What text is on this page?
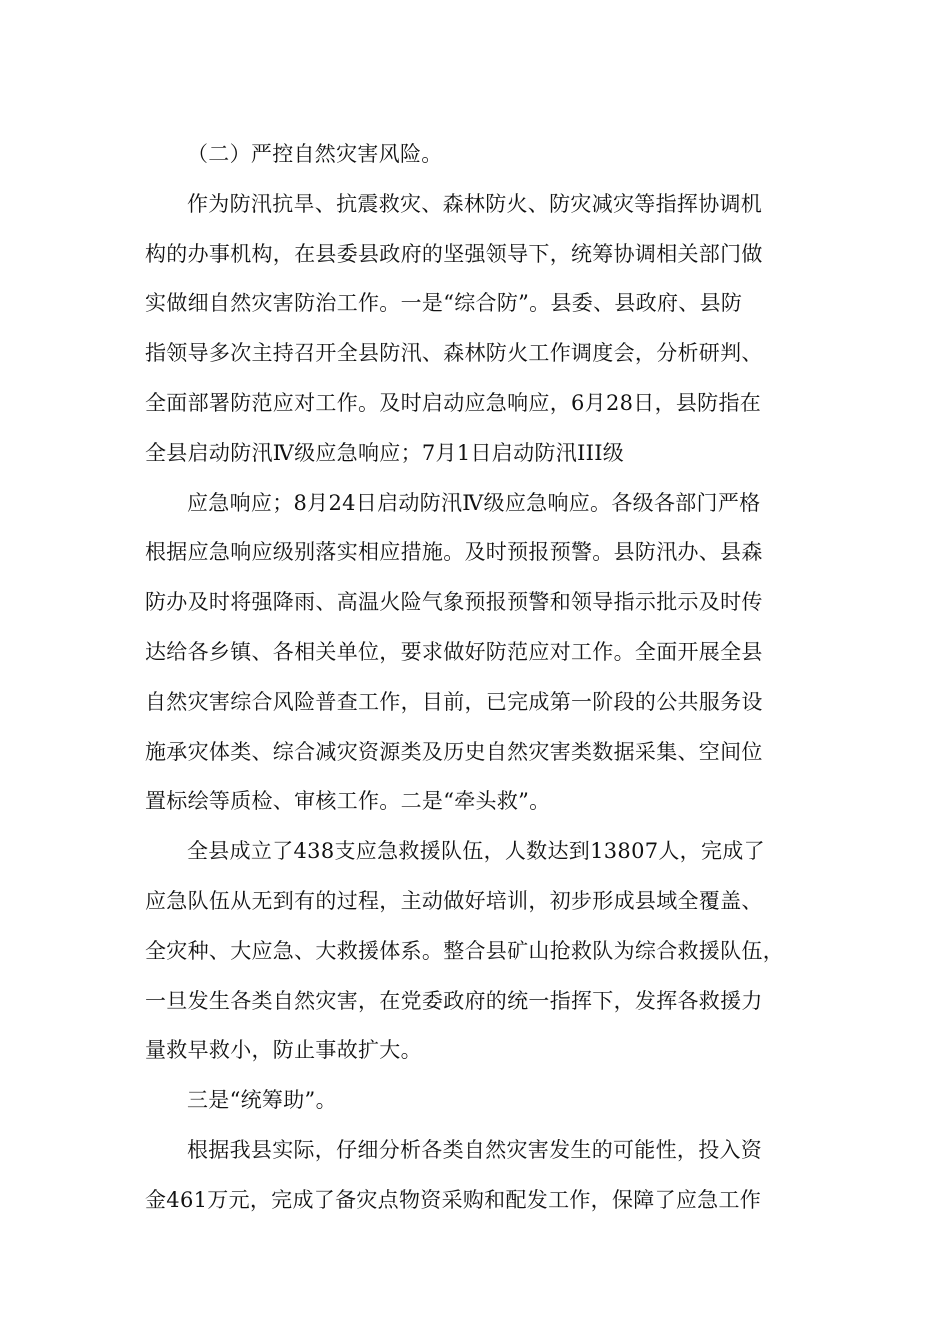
（二）严控自然灾害风险。

作为防汛抗旱、抗震救灾、森林防火、防灾减灾等指挥协调机
构的办事机构，在县委县政府的坚强领导下，统筹协调相关部门做
实做细自然灾害防治工作。一是“综合防”。县委、县政府、县防
指领导多次主持召开全县防汛、森林防火工作调度会，分析研判、
全面部署防范应对工作。及时启动应急响应，6月28日，县防指在
全县启动防汛Ⅳ级应急响应；7月1日启动防汛III级

应急响应；8月24日启动防汛Ⅳ级应急响应。各级各部门严格
根据应急响应级别落实相应措施。及时预报预警。县防汛办、县森
防办及时将强降雨、高温火险气象预报预警和领导指示批示及时传
达给各乡镇、各相关单位，要求做好防范应对工作。全面开展全县
自然灾害综合风险普查工作，目前，已完成第一阶段的公共服务设
施承灾体类、综合减灾资源类及历史自然灾害类数据采集、空间位
置标绘等质检、审核工作。二是“牵头救”。

全县成立了438支应急救援队伍，人数达到13807人，完成了
应急队伍从无到有的过程，主动做好培训，初步形成县域全覆盖、
全灾种、大应急、大救援体系。整合县矿山抢救队为综合救援队伍，
一旦发生各类自然灾害，在党委政府的统一指挥下，发挥各救援力
量救早救小，防止事故扩大。

三是“统筹助”。

根据我县实际，仔细分析各类自然灾害发生的可能性，投入资
金461万元，完成了备灾点物资采购和配发工作，保障了应急工作
